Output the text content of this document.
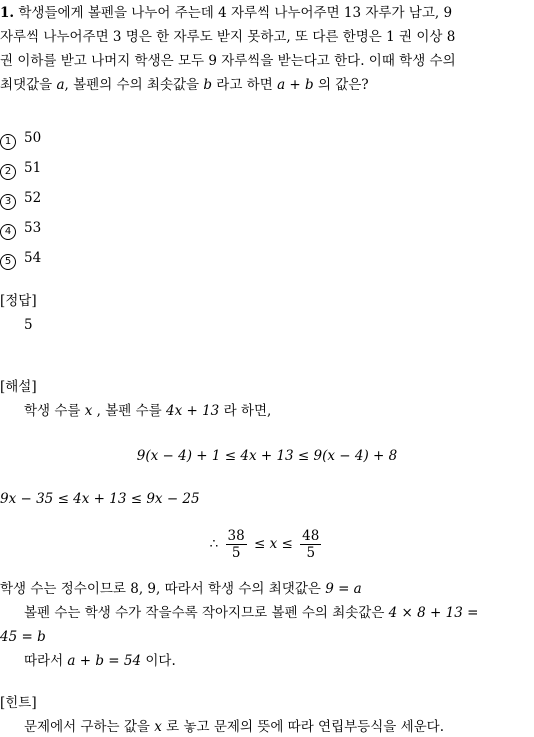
1. 학생들에게 볼펜을 나누어 주는데 4 자루씩 나누어주면 13 자루가 남고, 9
자루씩 나누어주면 3 명은 한 자루도 받지 못하고, 또 다른 한명은 1 권 이상 8
권 이하를 받고 나머지 학생은 모두 9 자루씩을 받는다고 한다. 이때 학생 수의
최댓값을 a, 볼펜의 수의 최솟값을 b 라고 하면 a + b 의 값은?
1 50
2 51
3 52
4 53
5 54
[정답]
5
[해설]
학생 수를 x , 볼펜 수를 4x + 13 라 하면,
9(x − 4) + 1 ≤ 4x + 13 ≤ 9(x − 4) + 8
9x − 35 ≤ 4x + 13 ≤ 9x − 25
∴ $\frac{38}{5} \le x \le \frac{48}{5}$
학생 수는 정수이므로 8, 9, 따라서 학생 수의 최댓값은 9 = a
볼펜 수는 학생 수가 작을수록 작아지므로 볼펜 수의 최솟값은 4 × 8 + 13 =
45 = b
따라서 a + b = 54 이다.
[힌트]
문제에서 구하는 값을 x 로 놓고 문제의 뜻에 따라 연립부등식을 세운다.
